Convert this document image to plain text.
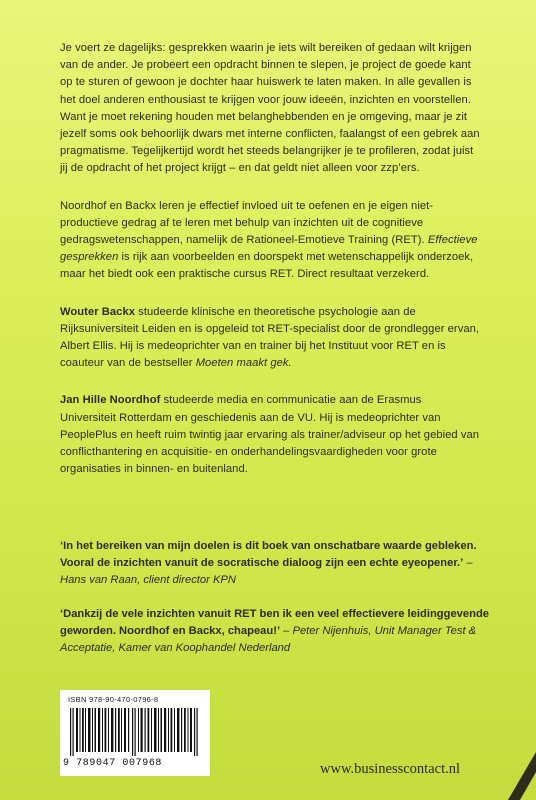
Je voert ze dagelijks: gesprekken waarin je iets wilt bereiken of gedaan wilt krijgen van de ander. Je probeert een opdracht binnen te slepen, je project de goede kant op te sturen of gewoon je dochter haar huiswerk te laten maken. In alle gevallen is het doel anderen enthousiast te krijgen voor jouw ideeën, inzichten en voorstellen. Want je moet rekening houden met belanghebbenden en je omgeving, maar je zit jezelf soms ook behoorlijk dwars met interne conflicten, faalangst of een gebrek aan pragmatisme. Tegelijkertijd wordt het steeds belangrijker je te profileren, zodat juist jij de opdracht of het project krijgt – en dat geldt niet alleen voor zzp’ers.

Noordhof en Backx leren je effectief invloed uit te oefenen en je eigen niet-productieve gedrag af te leren met behulp van inzichten uit de cognitieve gedragswetenschappen, namelijk de Rationeel-Emotieve Training (RET). Effectieve gesprekken is rijk aan voorbeelden en doorspekt met wetenschappelijk onderzoek, maar het biedt ook een praktische cursus RET. Direct resultaat verzekerd.

Wouter Backx studeerde klinische en theoretische psychologie aan de Rijksuniversiteit Leiden en is opgeleid tot RET-specialist door de grondlegger ervan, Albert Ellis. Hij is medeoprichter van en trainer bij het Instituut voor RET en is coauteur van de bestseller Moeten maakt gek.

Jan Hille Noordhof studeerde media en communicatie aan de Erasmus Universiteit Rotterdam en geschiedenis aan de VU. Hij is medeoprichter van PeoplePlus en heeft ruim twintig jaar ervaring als trainer/adviseur op het gebied van conflicthantering en acquisitie- en onderhandelingsvaardigheden voor grote organisaties in binnen- en buitenland.

‘In het bereiken van mijn doelen is dit boek van onschatbare waarde gebleken. Vooral de inzichten vanuit de socratische dialoog zijn een echte eyeopener.’ – Hans van Raan, client director KPN

‘Dankzij de vele inzichten vanuit RET ben ik een veel effectievere leidinggevende geworden. Noordhof en Backx, chapeau!’ – Peter Nijenhuis, Unit Manager Test & Acceptatie, Kamer van Koophandel Nederland

ISBN 978-90-470-0796-8
9 789047 007968	www.businesscontact.nl
